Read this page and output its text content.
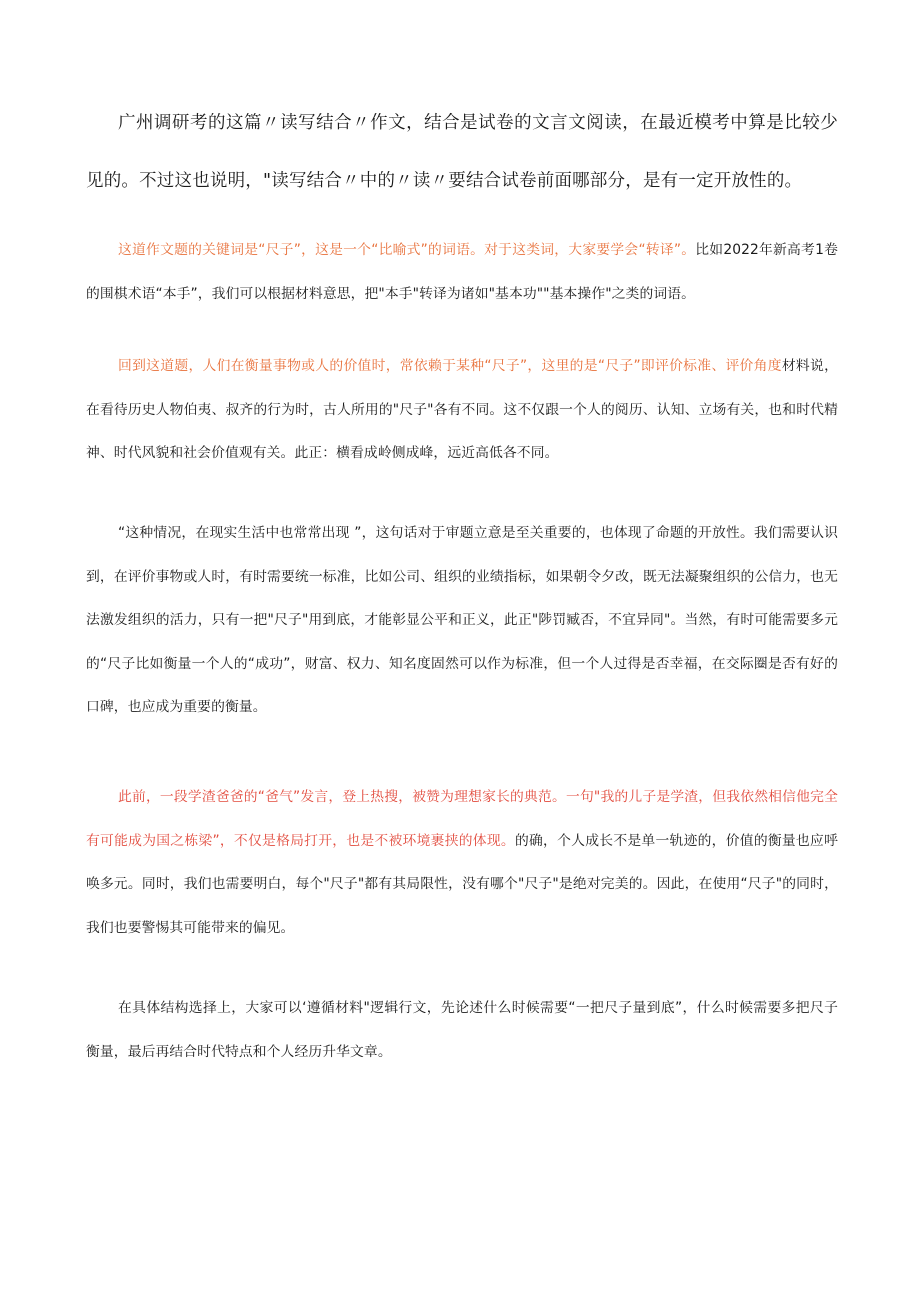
广州调研考的这篇〃读写结合〃作文，结合是试卷的文言文阅读，在最近模考中算是比较少见的。不过这也说明，"读写结合〃中的〃读〃要结合试卷前面哪部分，是有一定开放性的。

这道作文题的关键词是“尺子”，这是一个“比喻式”的词语。对于这类词，大家要学会“转译”。比如2022年新高考1卷的围棋术语“本手”，我们可以根据材料意思，把"本手"转译为诸如"基本功""基本操作"之类的词语。

回到这道题，人们在衡量事物或人的价值时，常依赖于某种“尺子”，这里的是“尺子”即评价标准、评价角度材料说，在看待历史人物伯夷、叔齐的行为时，古人所用的"尺子"各有不同。这不仅跟一个人的阅历、认知、立场有关，也和时代精神、时代风貌和社会价值观有关。此正：横看成岭侧成峰，远近高低各不同。

“这种情况，在现实生活中也常常出现 ”，这句话对于审题立意是至关重要的，也体现了命题的开放性。我们需要认识到，在评价事物或人时，有时需要统一标准，比如公司、组织的业绩指标，如果朝令夕改，既无法凝聚组织的公信力，也无法激发组织的活力，只有一把"尺子"用到底，才能彰显公平和正义，此正"陟罚臧否，不宜异同"。当然，有时可能需要多元的“尺子比如衡量一个人的“成功”，财富、权力、知名度固然可以作为标准，但一个人过得是否幸福，在交际圈是否有好的口碑，也应成为重要的衡量。

此前，一段学渣爸爸的“爸气”发言，登上热搜，被赞为理想家长的典范。一句"我的儿子是学渣，但我依然相信他完全有可能成为国之栋梁”，不仅是格局打开，也是不被环境裹挟的体现。的确，个人成长不是单一轨迹的，价值的衡量也应呼唤多元。同时，我们也需要明白，每个"尺子"都有其局限性，没有哪个"尺子"是绝对完美的。因此，在使用“尺子"的同时，我们也要警惕其可能带来的偏见。

在具体结构选择上，大家可以‘遵循材料"逻辑行文，先论述什么时候需要“一把尺子量到底”，什么时候需要多把尺子衡量，最后再结合时代特点和个人经历升华文章。
